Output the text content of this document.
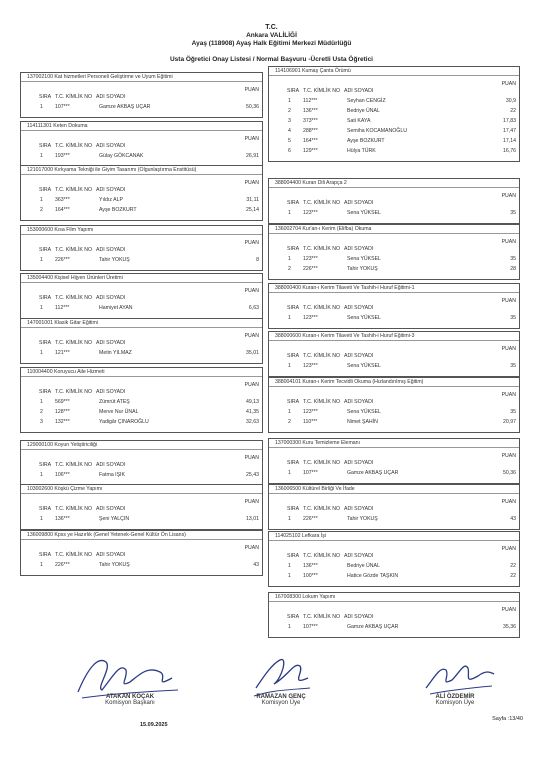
T.C.
Ankara VALİLİĞİ
Ayaş (118908) Ayaş Halk Eğitimi Merkezi Müdürlüğü
Usta Öğretici Onay Listesi / Normal Başvuru -Ücretli Usta Öğretici
137002100 Kat hizmetleri Personeli Geliştirme ve Uyum Eğitimi
PUAN
SIRA T.C. KİMLİK NO ADI SOYADI
1 107***	Gamze AKBAŞ UÇAR	50,36
114111301 Keten Dokuma
PUAN
SIRA T.C. KİMLİK NO ADI SOYADI
1 193***	Gülay GÖKCANAK	26,91
121017000 Kırkyama Tekniği ile Giyim Tasarımı (Olgunlaştırma Enstitüsü)
PUAN
SIRA T.C. KİMLİK NO ADI SOYADI
1 363***	Yıldız ALP	31,11
2 164***	Ayşe BOZKURT	25,14
153000600 Kısa Film Yapımı
PUAN
SIRA T.C. KİMLİK NO ADI SOYADI
1 226***	Tahir YOKUŞ	8
135004400 Kişisel Hijyen Ürünleri Üretimi
PUAN
SIRA T.C. KİMLİK NO ADI SOYADI
1 112***	Hamiyet AYAN	6,63
147001001 Klasik Gitar Eğitimi
PUAN
SIRA T.C. KİMLİK NO ADI SOYADI
1 121***	Metin YILMAZ	35,01
110004400 Koruyucu Aile Hizmeti
PUAN
SIRA T.C. KİMLİK NO ADI SOYADI
1 569***	Zümrüt ATEŞ	49,13
2 128***	Merve Nur ÜNAL	41,35
3 132***	Yadigâr ÇINAROĞLU	32,63
129000100 Koyun Yetiştiriciliği
PUAN
SIRA T.C. KİMLİK NO ADI SOYADI
1 106***	Fatma IŞIK	25,43
103002600 Köşkü Çizme Yapımı
PUAN
SIRA T.C. KİMLİK NO ADI SOYADI
1 136***	Şeni YALÇIN	13,01
136009800 Kpss ye Hazırlık (Genel Yetenek-Genel Kültür Ön Lisans)
PUAN
SIRA T.C. KİMLİK NO ADI SOYADI
1 226***	Tahir YOKUŞ	43
114106901 Kumaş Çanta Örümü
PUAN
SIRA T.C. KİMLİK NO ADI SOYADI
1 112***	Seyhan CENGİZ	30,9
2 136***	Bedriye ÜNAL	22
3 373***	Sati KAYA	17,83
4 288***	Semiha KOCAMANOĞLU	17,47
5 164***	Ayşe BOZKURT	17,14
6 129***	Hülya TÜRK	16,76
388004400 Kuran Dili Arapça 2
PUAN
SIRA T.C. KİMLİK NO ADI SOYADI
1 123***	Sena YÜKSEL	35
136002704 Kur'an-ı Kerim (Elifba) Okuma
PUAN
SIRA T.C. KİMLİK NO ADI SOYADI
1 123***	Sena YÜKSEL	35
2 226***	Tahir YOKUŞ	28
388000400 Kuran-ı Kerim Tilaveti Ve Tashih-i Huruf Eğitimi-1
PUAN
SIRA T.C. KİMLİK NO ADI SOYADI
1 123***	Sena YÜKSEL	35
388000600 Kuran-ı Kerim Tilaveti Ve Tashih-i Huruf Eğitimi-3
PUAN
SIRA T.C. KİMLİK NO ADI SOYADI
1 123***	Sena YÜKSEL	35
388004101 Kuran-ı Kerim Tecvidli Okuma (Hızlandırılmış Eğitim)
PUAN
SIRA T.C. KİMLİK NO ADI SOYADI
1 123***	Sena YÜKSEL	35
2 110***	Nimet ŞAHİN	20,97
137000300 Kuru Temizleme Elemanı
PUAN
SIRA T.C. KİMLİK NO ADI SOYADI
1 107***	Gamze AKBAŞ UÇAR	50,36
136006500 Kültürel Birliği Ve İfade
PUAN
SIRA T.C. KİMLİK NO ADI SOYADI
1 226***	Tahir YOKUŞ	43
114025102 Lefkara İşi
PUAN
SIRA T.C. KİMLİK NO ADI SOYADI
1 136***	Bedriye ÜNAL	22
1 100***	Hatice Gözde TAŞKIN	22
167008300 Lokum Yapımı
PUAN
SIRA T.C. KİMLİK NO ADI SOYADI
1 107***	Gamze AKBAŞ UÇAR	35,36
ATAKAN KOÇAK
Komisyon Başkanı
RAMAZAN GENÇ
Komisyon Üye
ALİ ÖZDEMİR
Komisyon Üye
15.09.2025
Sayfa :13/40
